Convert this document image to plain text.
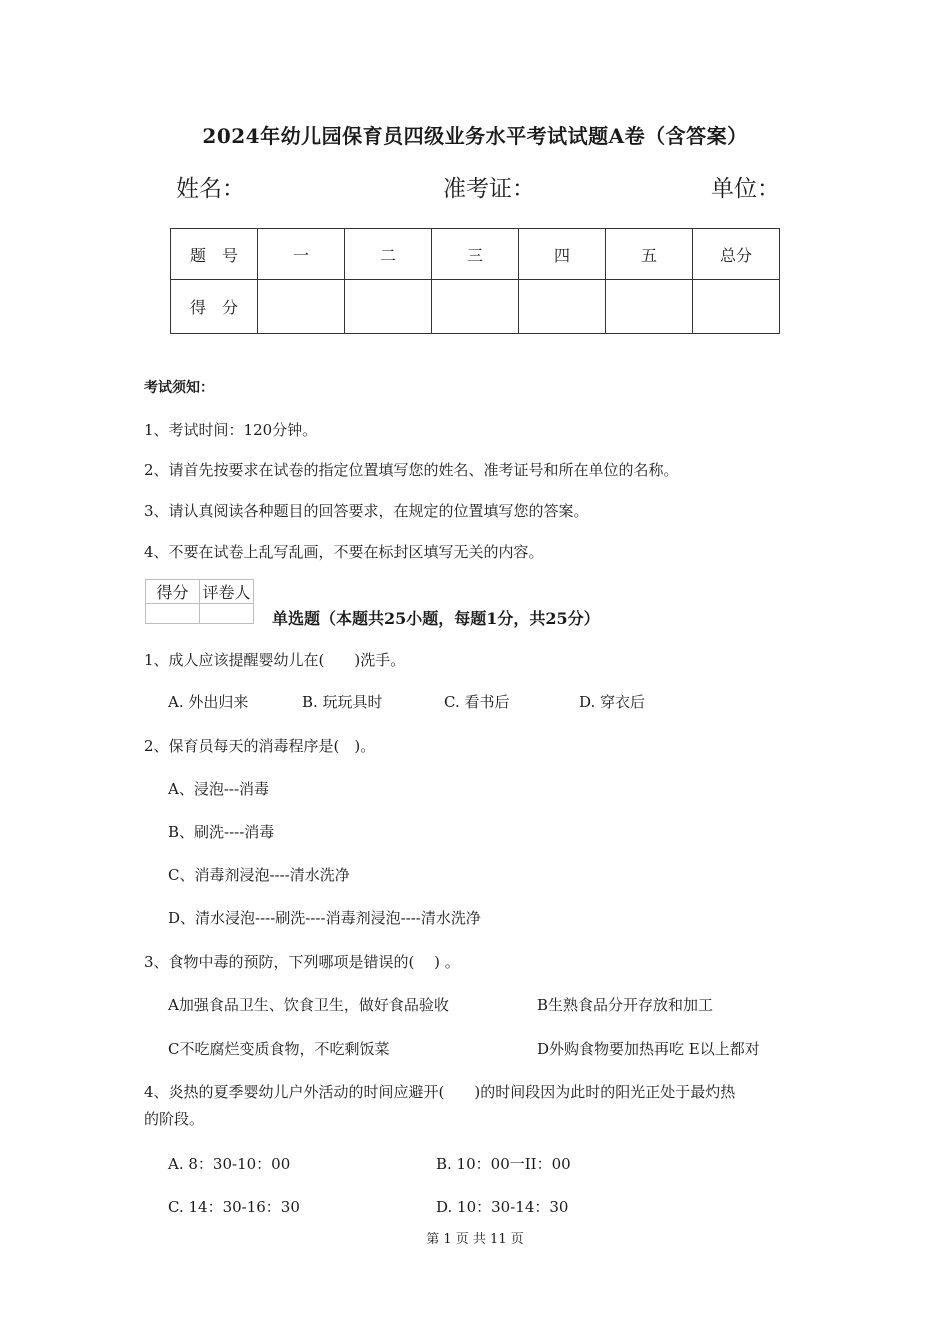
2024年幼儿园保育员四级业务水平考试试题A卷（含答案）
姓名：	准考证：	单位：
题　号	一	二	三	四	五	总分
得　分						
考试须知：
1、考试时间：120分钟。
2、请首先按要求在试卷的指定位置填写您的姓名、准考证号和所在单位的名称。
3、请认真阅读各种题目的回答要求，在规定的位置填写您的答案。
4、不要在试卷上乱写乱画，不要在标封区填写无关的内容。
得分	评卷人

单选题（本题共25小题，每题1分，共25分）
1、成人应该提醒婴幼儿在(　　)洗手。
A. 外出归来	B. 玩玩具时	C. 看书后	D. 穿衣后
2、保育员每天的消毒程序是(　)。
A、浸泡---消毒
B、刷洗----消毒
C、消毒剂浸泡----清水洗净
D、清水浸泡----刷洗----消毒剂浸泡----清水洗净
3、食物中毒的预防，下列哪项是错误的(　 ) 。
A加强食品卫生、饮食卫生，做好食品验收	B生熟食品分开存放和加工
C不吃腐烂变质食物，不吃剩饭菜	D外购食物要加热再吃 E以上都对
4、炎热的夏季婴幼儿户外活动的时间应避开(　　)的时间段因为此时的阳光正处于最灼热
的阶段。
A. 8：30-10：00	B. 10：00一II：00
C. 14：30-16：30	D. 10：30-14：30
第 1 页 共 11 页
